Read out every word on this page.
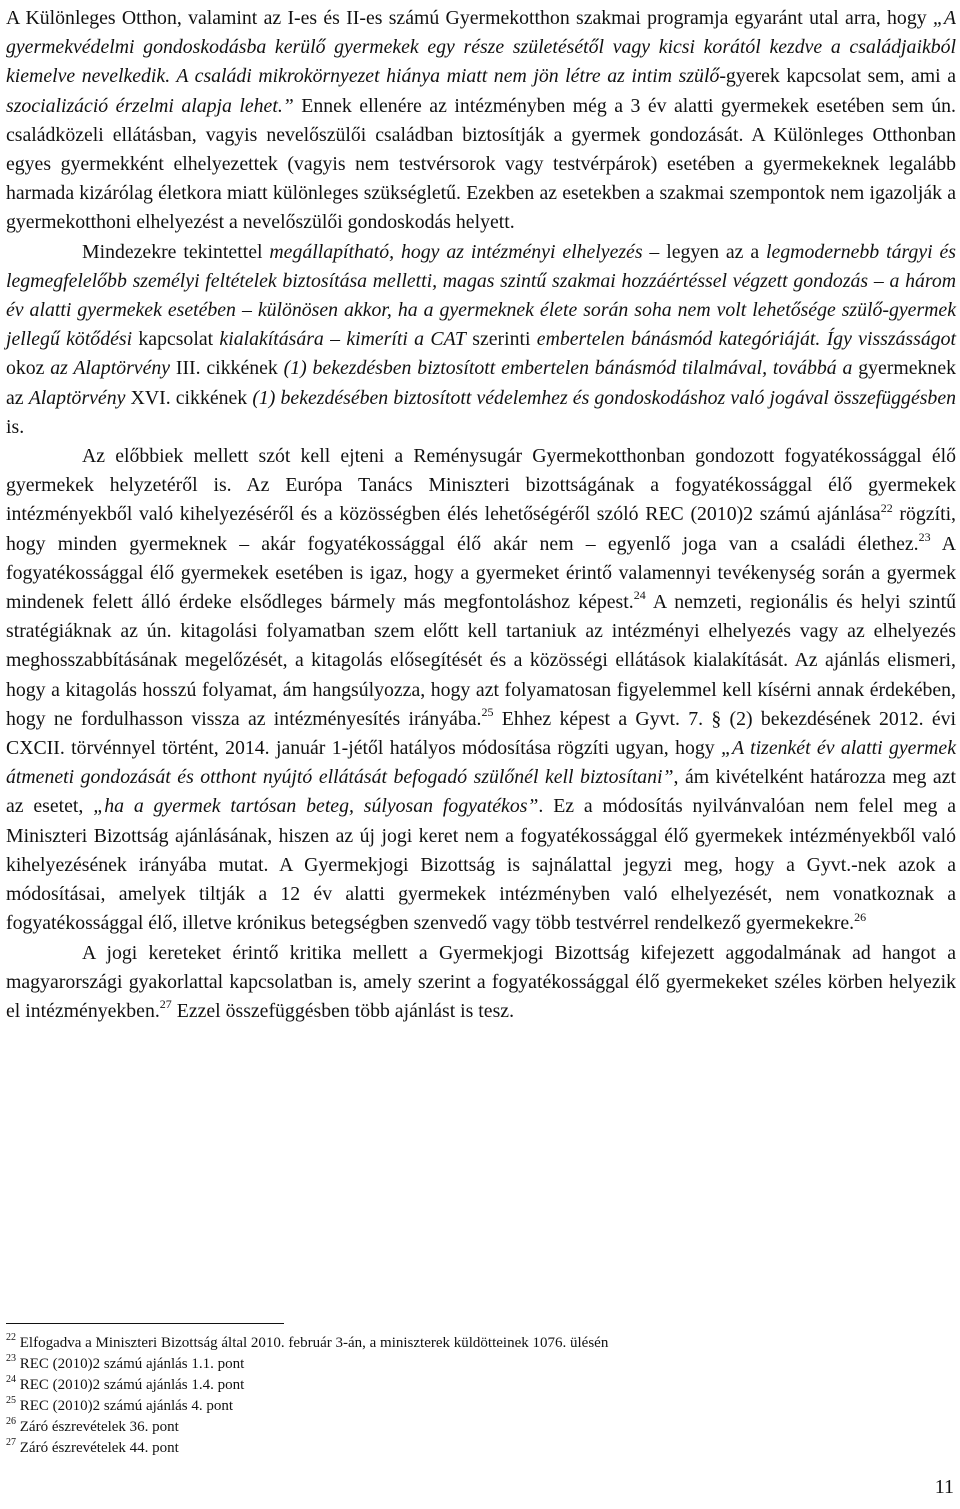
A Különleges Otthon, valamint az I-es és II-es számú Gyermekotthon szakmai programja egyaránt utal arra, hogy „A gyermekvédelmi gondoskodásba kerülő gyermekek egy része születésétől vagy kicsi korától kezdve a családjaikból kiemelve nevelkedik. A családi mikrokörnyezet hiánya miatt nem jön létre az intim szülő-gyerek kapcsolat sem, ami a szocializáció érzelmi alapja lehet.” Ennek ellenére az intézményben még a 3 év alatti gyermekek esetében sem ún. családközeli ellátásban, vagyis nevelőszülői családban biztosítják a gyermek gondozását. A Különleges Otthonban egyes gyermekként elhelyezettek (vagyis nem testvérsorok vagy testvérpárok) esetében a gyermekeknek legalább harmada kizárólag életkora miatt különleges szükségletű. Ezekben az esetekben a szakmai szempontok nem igazolják a gyermekotthoni elhelyezést a nevelőszülői gondoskodás helyett.

Mindezekre tekintettel megállapítható, hogy az intézményi elhelyezés – legyen az a legmodernebb tárgyi és legmegfelelőbb személyi feltételek biztosítása melletti, magas szintű szakmai hozzáértéssel végzett gondozás – a három év alatti gyermekek esetében – különösen akkor, ha a gyermeknek élete során soha nem volt lehetősége szülő-gyermek jellegű kötődési kapcsolat kialakítására – kimeríti a CAT szerinti embertelen bánásmód kategóriáját. Így visszásságot okoz az Alaptörvény III. cikkének (1) bekezdésben biztosított embertelen bánásmód tilalmával, továbbá a gyermeknek az Alaptörvény XVI. cikkének (1) bekezdésében biztosított védelemhez és gondoskodáshoz való jogával összefüggésben is.

Az előbbiek mellett szót kell ejteni a Reménysugár Gyermekotthonban gondozott fogyatékossággal élő gyermekek helyzetéről is. Az Európa Tanács Miniszteri bizottságának a fogyatékossággal élő gyermekek intézményekből való kihelyezéséről és a közösségben élés lehetőségéről szóló REC (2010)2 számú ajánlása$^{22}$ rögzíti, hogy minden gyermeknek – akár fogyatékossággal élő akár nem – egyenlő joga van a családi élethez.$^{23}$ A fogyatékossággal élő gyermekek esetében is igaz, hogy a gyermeket érintő valamennyi tevékenység során a gyermek mindenek felett álló érdeke elsődleges bármely más megfontoláshoz képest.$^{24}$ A nemzeti, regionális és helyi szintű stratégiáknak az ún. kitagolási folyamatban szem előtt kell tartaniuk az intézményi elhelyezés vagy az elhelyezés meghosszabbításának megelőzését, a kitagolás elősegítését és a közösségi ellátások kialakítását. Az ajánlás elismeri, hogy a kitagolás hosszú folyamat, ám hangsúlyozza, hogy azt folyamatosan figyelemmel kell kísérni annak érdekében, hogy ne fordulhasson vissza az intézményesítés irányába.$^{25}$ Ehhez képest a Gyvt. 7. § (2) bekezdésének 2012. évi CXCII. törvénnyel történt, 2014. január 1-jétől hatályos módosítása rögzíti ugyan, hogy „A tizenkét év alatti gyermek átmeneti gondozását és otthont nyújtó ellátását befogadó szülőnél kell biztosítani”, ám kivételként határozza meg azt az esetet, „ha a gyermek tartósan beteg, súlyosan fogyatékos”. Ez a módosítás nyilvánvalóan nem felel meg a Miniszteri Bizottság ajánlásának, hiszen az új jogi keret nem a fogyatékossággal élő gyermekek intézményekből való kihelyezésének irányába mutat. A Gyermekjogi Bizottság is sajnálattal jegyzi meg, hogy a Gyvt.-nek azok a módosításai, amelyek tiltják a 12 év alatti gyermekek intézményben való elhelyezését, nem vonatkoznak a fogyatékossággal élő, illetve krónikus betegségben szenvedő vagy több testvérrel rendelkező gyermekekre.$^{26}$

A jogi kereteket érintő kritika mellett a Gyermekjogi Bizottság kifejezett aggodalmának ad hangot a magyarországi gyakorlattal kapcsolatban is, amely szerint a fogyatékossággal élő gyermekeket széles körben helyezik el intézményekben.$^{27}$ Ezzel összefüggésben több ajánlást is tesz.

$^{22}$ Elfogadva a Miniszteri Bizottság által 2010. február 3-án, a miniszterek küldötteinek 1076. ülésén
$^{23}$ REC (2010)2 számú ajánlás 1.1. pont
$^{24}$ REC (2010)2 számú ajánlás 1.4. pont
$^{25}$ REC (2010)2 számú ajánlás 4. pont
$^{26}$ Záró észrevételek 36. pont
$^{27}$ Záró észrevételek 44. pont
11
